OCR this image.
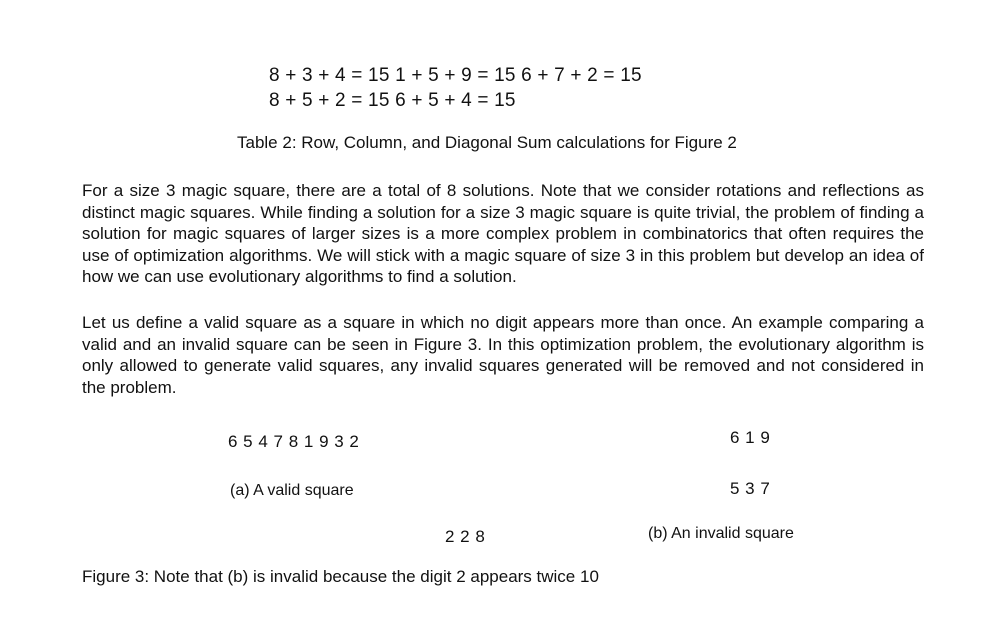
8 + 3 + 4 = 15 1 + 5 + 9 = 15 6 + 7 + 2 = 15
8 + 5 + 2 = 15 6 + 5 + 4 = 15
Table 2: Row, Column, and Diagonal Sum calculations for Figure 2

For a size 3 magic square, there are a total of 8 solutions. Note that we consider rotations and reflections as distinct magic squares. While finding a solution for a size 3 magic square is quite trivial, the problem of finding a solution for magic squares of larger sizes is a more complex problem in combinatorics that often requires the use of optimization algorithms. We will stick with a magic square of size 3 in this problem but develop an idea of how we can use evolutionary algorithms to find a solution.

Let us define a valid square as a square in which no digit appears more than once. An example comparing a valid and an invalid square can be seen in Figure 3. In this optimization problem, the evolutionary algorithm is only allowed to generate valid squares, any invalid squares generated will be removed and not considered in the problem.

6 5 4 7 8 1 9 3 2
(a) A valid square
6 1 9
5 3 7
2 2 8	(b) An invalid square
Figure 3: Note that (b) is invalid because the digit 2 appears twice 10
